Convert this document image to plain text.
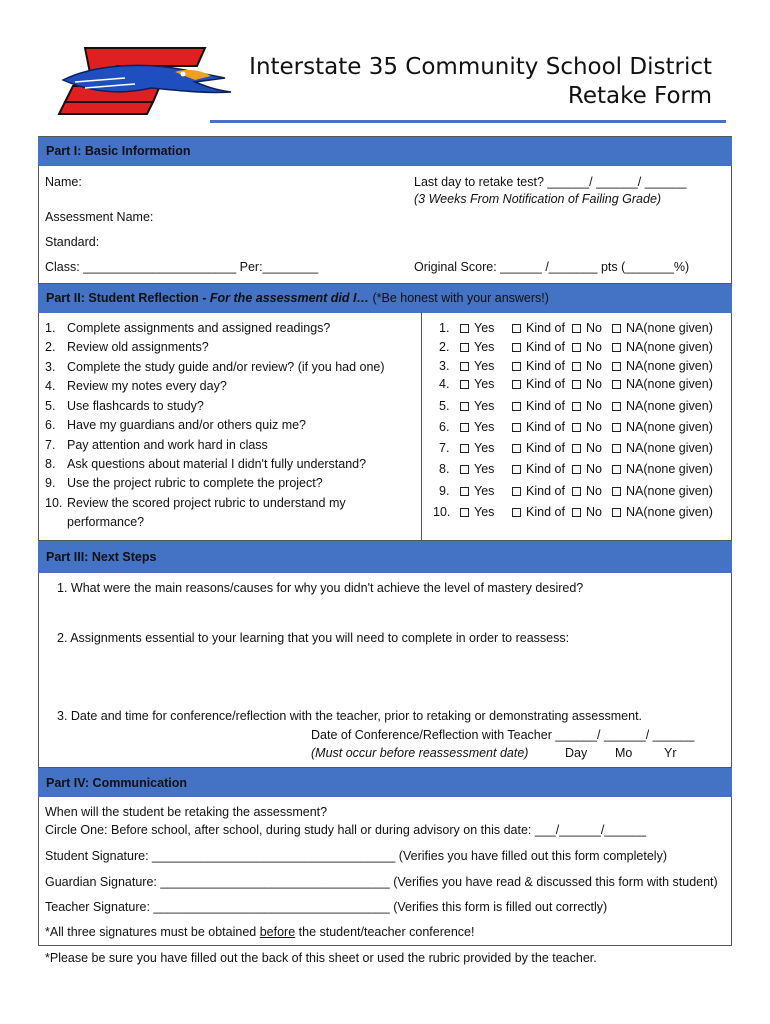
Interstate 35 Community School District
Retake Form
Part I: Basic Information
Name:	Last day to retake test? ______/ ______/ ______
(3 Weeks From Notification of Failing Grade)
Assessment Name:
Standard:
Class: ______________________ Per:________	Original Score: ______ /_______ pts (_______%)
Part II: Student Reflection - For the assessment did I… (*Be honest with your answers!)
1. Complete assignments and assigned readings?
2. Review old assignments?
3. Complete the study guide and/or review? (if you had one)
4. Review my notes every day?
5. Use flashcards to study?
6. Have my guardians and/or others quiz me?
7. Pay attention and work hard in class
8. Ask questions about material I didn't fully understand?
9. Use the project rubric to complete the project?
10. Review the scored project rubric to understand my
performance?
1.	Yes	Kind of	No	NA(none given)
2.	Yes	Kind of	No	NA(none given)
3.	Yes	Kind of	No	NA(none given)
4.	Yes	Kind of	No	NA(none given)
5.	Yes	Kind of	No	NA(none given)
6.	Yes	Kind of	No	NA(none given)
7.	Yes	Kind of	No	NA(none given)
8.	Yes	Kind of	No	NA(none given)
9.	Yes	Kind of	No	NA(none given)
10.	Yes	Kind of	No	NA(none given)
Part III: Next Steps
1. What were the main reasons/causes for why you didn't achieve the level of mastery desired?
2. Assignments essential to your learning that you will need to complete in order to reassess:
3. Date and time for conference/reflection with the teacher, prior to retaking or demonstrating assessment.
Date of Conference/Reflection with Teacher ______/ ______/ ______
(Must occur before reassessment date)	Day Mo	Yr
Part IV: Communication
When will the student be retaking the assessment?
Circle One: Before school, after school, during study hall or during advisory on this date: ___/______/______
Student Signature: ___________________________________ (Verifies you have filled out this form completely)
Guardian Signature: _________________________________ (Verifies you have read & discussed this form with student)
Teacher Signature: __________________________________ (Verifies this form is filled out correctly)
*All three signatures must be obtained before the student/teacher conference!
*Please be sure you have filled out the back of this sheet or used the rubric provided by the teacher.
